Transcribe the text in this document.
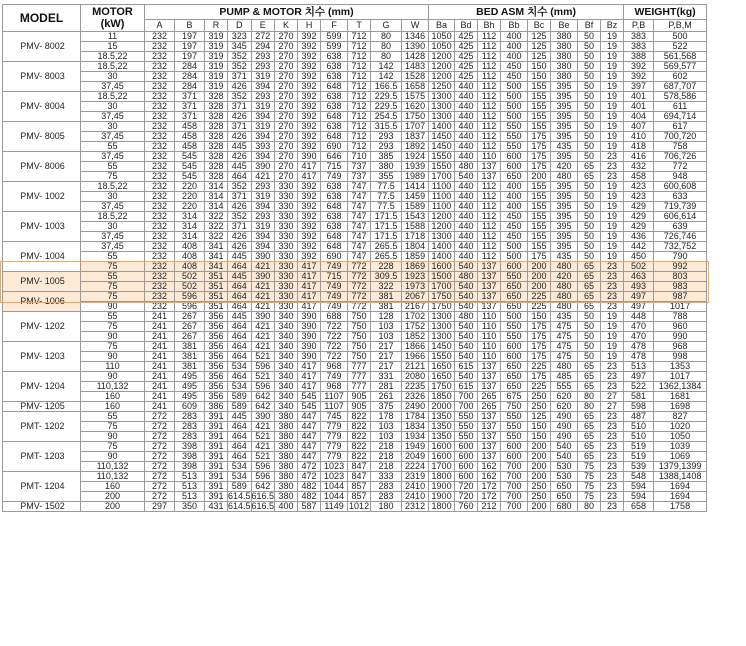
MODEL	MOTOR
(kW)	PUMP & MOTOR 치수 (mm)											BED ASM 치수 (mm)								WEIGHT(kg)	
		A	B	R	D	E	K	H	F	T	G	W	Ba	Bd	Bh	Bb	Bc	Be	Bf	Bz	P,B	P,B,M
PMV- 8002	11	232	197	319	323	272	270	392	599	712	80	1346	1050	425	112	400	125	380	50	19	383	500
	15	232	197	319	345	294	270	392	599	712	80	1390	1050	425	112	400	125	380	50	19	383	522
	18.5,22	232	197	319	352	293	270	392	638	712	80	1428	1200	425	112	400	125	380	50	19	388	561,568
PMV- 8003	18.5,22	232	284	319	352	293	270	392	638	712	142	1483	1200	425	112	450	150	380	50	19	392	569,577
	30	232	284	319	371	319	270	392	638	712	142	1528	1200	425	112	450	150	380	50	19	392	602
	37,45	232	284	319	426	394	270	392	648	712	166.5	1658	1250	440	112	500	155	395	50	19	397	687,707
PMV- 8004	18.5,22	232	371	328	352	293	270	392	638	712	229.5	1575	1300	440	112	500	155	395	50	19	401	578,586
	30	232	371	328	371	319	270	392	638	712	229.5	1620	1300	440	112	500	155	395	50	19	401	611
	37,45	232	371	328	426	394	270	392	648	712	254.5	1750	1300	440	112	500	155	395	50	19	404	694,714
PMV- 8005	30	232	458	328	371	319	270	392	638	712	315.5	1707	1400	440	112	550	155	395	50	19	407	617
	37,45	232	458	328	426	394	270	392	648	712	293	1837	1450	440	112	550	175	395	50	19	410	700,720
	55	232	458	328	445	393	270	392	690	712	293	1892	1450	440	112	550	175	435	50	19	418	758
PMV- 8006	37,45	232	545	328	426	394	270	390	646	710	385	1924	1550	440	110	600	175	395	50	23	416	706,726
	55	232	545	328	445	390	270	417	715	737	380	1939	1550	480	137	600	175	420	65	23	432	772
	75	232	545	328	464	421	270	417	749	737	355	1989	1700	540	137	650	200	480	65	23	458	948
PMV- 1002	18.5,22	232	220	314	352	293	330	392	638	747	77.5	1414	1100	440	112	400	155	395	50	19	423	600,608
	30	232	220	314	371	319	330	392	638	747	77.5	1459	1100	440	112	400	155	395	50	19	423	633
	37,45	232	220	314	426	394	330	392	648	747	77.5	1589	1100	440	112	400	155	395	50	19	429	719,739
PMV- 1003	18.5,22	232	314	322	352	293	330	392	638	747	171.5	1543	1200	440	112	450	155	395	50	19	429	606,614
	30	232	314	322	371	319	330	392	638	747	171.5	1588	1200	440	112	450	155	395	50	19	429	639
	37,45	232	314	322	426	394	330	392	648	747	171.5	1718	1300	440	112	450	155	395	50	19	436	726,746
PMV- 1004	37,45	232	408	341	426	394	330	392	648	747	265.5	1804	1400	440	112	500	155	395	50	19	442	732,752
	55	232	408	341	445	390	330	392	690	747	265.5	1859	1400	440	112	500	175	435	50	19	450	790
	75	232	408	341	464	421	330	417	749	772	228	1869	1600	540	137	600	200	480	65	23	502	992
PMV- 1005	55	232	502	351	445	390	330	417	715	772	309.5	1923	1500	480	137	550	200	420	65	23	463	803
	75	232	502	351	464	421	330	417	749	772	322	1973	1700	540	137	650	200	480	65	23	493	983
PMV- 1006	75	232	596	351	464	421	330	417	749	772	381	2067	1750	540	137	650	225	480	65	23	497	987
	90	232	596	351	464	421	330	417	749	772	381	2167	1750	540	137	650	225	480	65	23	497	1017
PMV- 1202	55	241	267	356	445	390	340	390	688	750	128	1702	1300	480	110	500	150	435	50	19	448	788
	75	241	267	356	464	421	340	390	722	750	103	1752	1300	540	110	550	175	475	50	19	470	960
	90	241	267	356	464	421	340	390	722	750	103	1852	1300	540	110	550	175	475	50	19	470	990
PMV- 1203	75	241	381	356	464	421	340	390	722	750	217	1866	1450	540	110	600	175	475	50	19	478	968
	90	241	381	356	464	521	340	390	722	750	217	1966	1550	540	110	600	175	475	50	19	478	998
	110	241	381	356	534	596	340	417	968	777	217	2121	1650	615	137	650	225	480	65	23	513	1353
PMV- 1204	90	241	495	356	464	521	340	417	749	777	331	2080	1650	540	137	650	175	485	65	23	497	1017
	110,132	241	495	356	534	596	340	417	968	777	281	2235	1750	615	137	650	225	555	65	23	522	1362,1384
	160	241	495	356	589	642	340	545	1107	905	261	2326	1850	700	265	675	250	620	80	27	581	1681
PMV- 1205	160	241	609	386	589	642	340	545	1107	905	375	2490	2000	700	265	750	250	620	80	27	598	1698
PMT- 1202	55	272	283	391	445	390	380	447	745	822	178	1784	1350	550	137	550	125	490	65	23	487	827
	75	272	283	391	464	421	380	447	779	822	103	1834	1350	550	137	550	150	490	65	23	510	1020
	90	272	283	391	464	521	380	447	779	822	103	1934	1350	550	137	550	150	490	65	23	510	1050
PMT- 1203	75	272	398	391	464	421	380	447	779	822	218	1949	1600	600	137	600	200	540	65	23	519	1039
	90	272	398	391	464	521	380	447	779	822	218	2049	1600	600	137	600	200	540	65	23	519	1069
	110,132	272	398	391	534	596	380	472	1023	847	218	2224	1700	600	162	700	200	530	75	23	539	1379,1399
PMT- 1204	110,132	272	513	391	534	596	380	472	1023	847	333	2319	1800	600	162	700	200	530	75	23	548	1388,1408
	160	272	513	391	589	642	380	482	1044	857	283	2410	1900	720	172	700	250	650	75	23	594	1694
	200	272	513	391	614.5	616.5	380	482	1044	857	283	2410	1900	720	172	700	250	650	75	23	594	1694
PMV- 1502	200	297	350	431	614.5	616.5	400	587	1149	1012	180	2312	1800	760	212	700	200	680	80	23	658	1758
